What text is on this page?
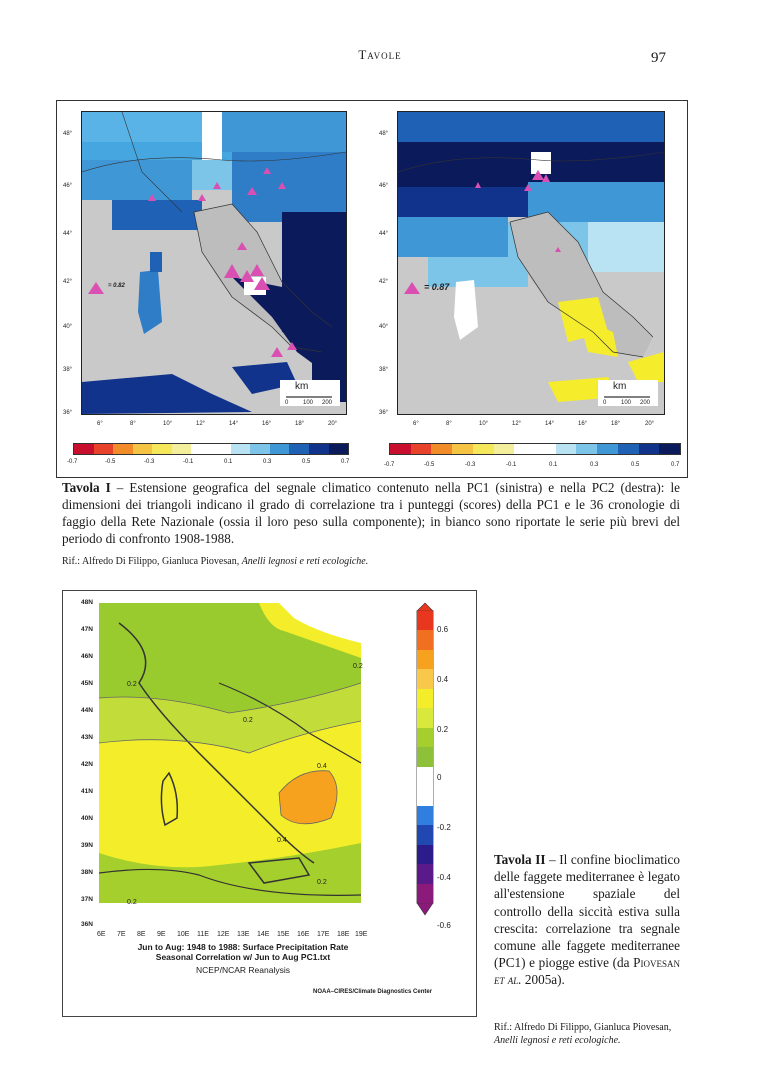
Tavole	97
= 0.82
km
0 100 200
48°
46°
44°
42°
40°
38°
36°
6°	8°	10°	12°	14°	16°	18°	20°
= 0.87
km
0 100 200
48°
46°
44°
42°
40°
38°
36°
6°	8°	10°	12°	14°	16°	18°	20°
-0.7	-0.5	-0.3	-0.1	0.1	0.3	0.5	0.7	-0.7	-0.5	-0.3	-0.1	0.1	0.3	0.5	0.7
Tavola I – Estensione geografica del segnale climatico contenuto nella PC1 (sinistra) e nella PC2 (destra): le dimensioni dei triangoli indicano il grado di correlazione tra i punteggi (scores) della PC1 e le 36 cronologie di faggio della Rete Nazionale (ossia il loro peso sulla componente); in bianco sono riportate le serie più brevi del periodo di confronto 1908-1988.
Rif.: Alfredo Di Filippo, Gianluca Piovesan, Anelli legnosi e reti ecologiche.
48N
47N
46N
45N
44N
43N
42N
41N
40N
39N
38N
37N
36N
6E 7E 8E 9E 10E 11E 12E 13E 14E 15E 16E 17E 18E 19E
0.2
0.2
0.2
0.4
0.4
0.2
0.2
0.6
0.4
0.2
0
-0.2
-0.4
-0.6
Jun to Aug: 1948 to 1988: Surface Precipitation Rate
Seasonal Correlation w/ Jun to Aug PC1.txt
NCEP/NCAR Reanalysis
NOAA–CIRES/Climate Diagnostics Center
Tavola II – Il confine bioclimatico delle faggete mediterranee è legato all'estensione spaziale del controllo della siccità estiva sulla crescita: correlazione tra segnale comune alle faggete mediterranee (PC1) e piogge estive (da Piovesan et al. 2005a).
Rif.: Alfredo Di Filippo, Gianluca Piovesan, Anelli legnosi e reti ecologiche.
